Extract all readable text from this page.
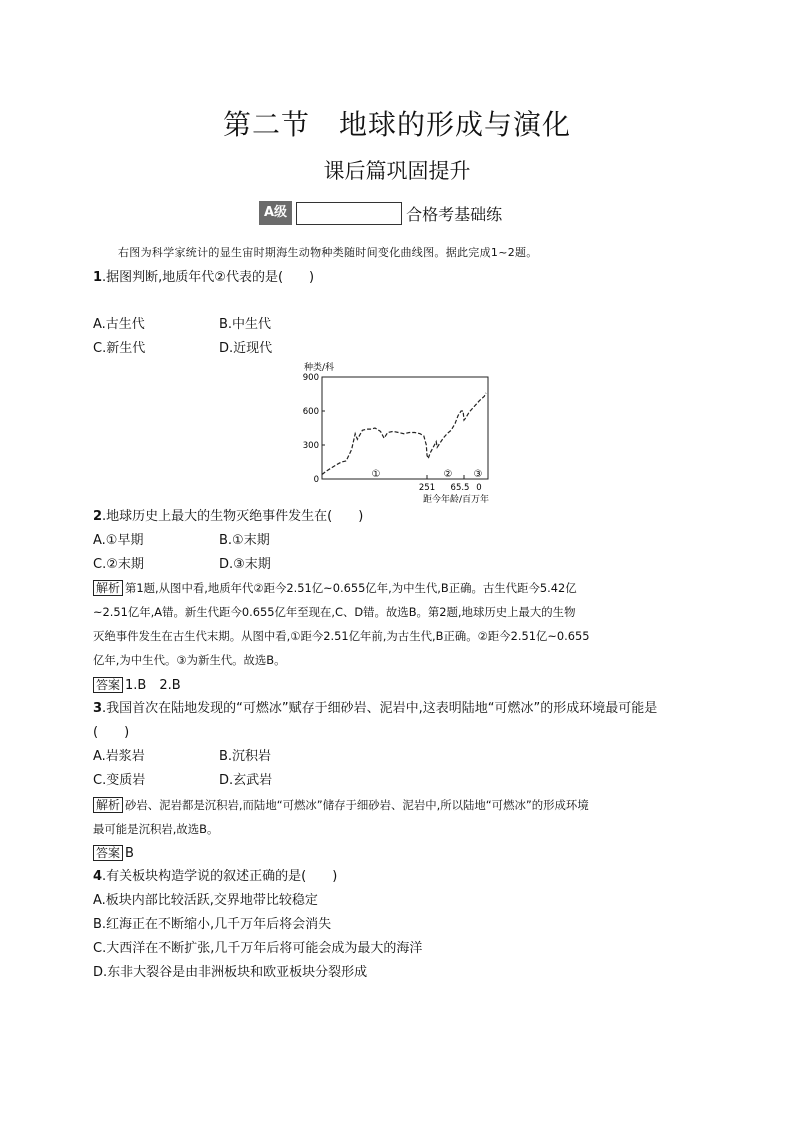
第二节　地球的形成与演化
课后篇巩固提升
A级	合格考基础练
右图为科学家统计的显生宙时期海生动物种类随时间变化曲线图。据此完成1~2题。
1.据图判断,地质年代②代表的是(　　)
A.古生代	B.中生代
C.新生代	D.近现代
种类/科
900
600
300
0
251 65.5 0
距今年龄/百万年
①	② ③
2.地球历史上最大的生物灭绝事件发生在(　　)
A.①早期	B.①末期
C.②末期	D.③末期
解析 第1题,从图中看,地质年代②距今2.51亿~0.655亿年,为中生代,B正确。古生代距今5.42亿
~2.51亿年,A错。新生代距今0.655亿年至现在,C、D错。故选B。第2题,地球历史上最大的生物
灭绝事件发生在古生代末期。从图中看,①距今2.51亿年前,为古生代,B正确。②距今2.51亿~0.655
亿年,为中生代。③为新生代。故选B。
答案 1.B　2.B
3.我国首次在陆地发现的“可燃冰”赋存于细砂岩、泥岩中,这表明陆地“可燃冰”的形成环境最可能是
(　　)
A.岩浆岩	B.沉积岩
C.变质岩	D.玄武岩
解析 砂岩、泥岩都是沉积岩,而陆地“可燃冰”储存于细砂岩、泥岩中,所以陆地“可燃冰”的形成环境
最可能是沉积岩,故选B。
答案 B
4.有关板块构造学说的叙述正确的是(　　)
A.板块内部比较活跃,交界地带比较稳定
B.红海正在不断缩小,几千万年后将会消失
C.大西洋在不断扩张,几千万年后将可能会成为最大的海洋
D.东非大裂谷是由非洲板块和欧亚板块分裂形成
